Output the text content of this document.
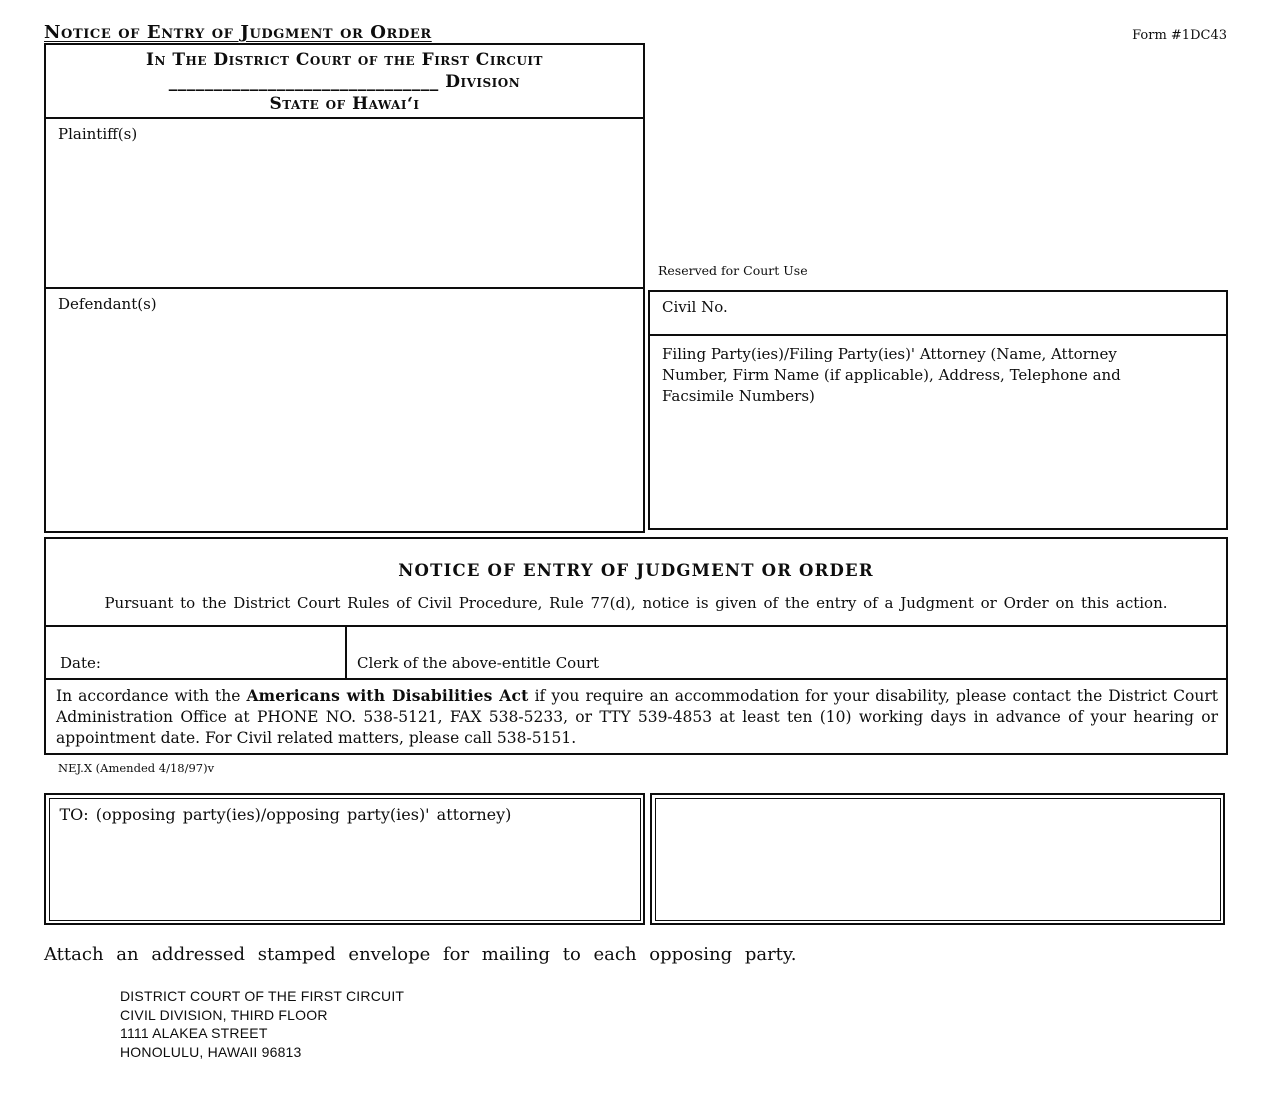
Notice of Entry of Judgment or Order	Form #1DC43
In The District Court of the First Circuit
______________________________ Division
State of Hawaiʻi
Plaintiff(s)
Defendant(s)
Reserved for Court Use
Civil No.
Filing Party(ies)/Filing Party(ies)' Attorney (Name, Attorney Number, Firm Name (if applicable), Address, Telephone and Facsimile Numbers)
NOTICE OF ENTRY OF JUDGMENT OR ORDER
Pursuant to the District Court Rules of Civil Procedure, Rule 77(d), notice is given of the entry of a Judgment or Order on this action.
Date:	Clerk of the above-entitle Court
In accordance with the Americans with Disabilities Act if you require an accommodation for your disability, please contact the District Court Administration Office at PHONE NO. 538-5121, FAX 538-5233, or TTY 539-4853 at least ten (10) working days in advance of your hearing or appointment date. For Civil related matters, please call 538-5151.
NEJ.X (Amended 4/18/97)v
TO: (opposing party(ies)/opposing party(ies)' attorney)
Attach an addressed stamped envelope for mailing to each opposing party.
DISTRICT COURT OF THE FIRST CIRCUIT
CIVIL DIVISION, THIRD FLOOR
1111 ALAKEA STREET
HONOLULU, HAWAII 96813
